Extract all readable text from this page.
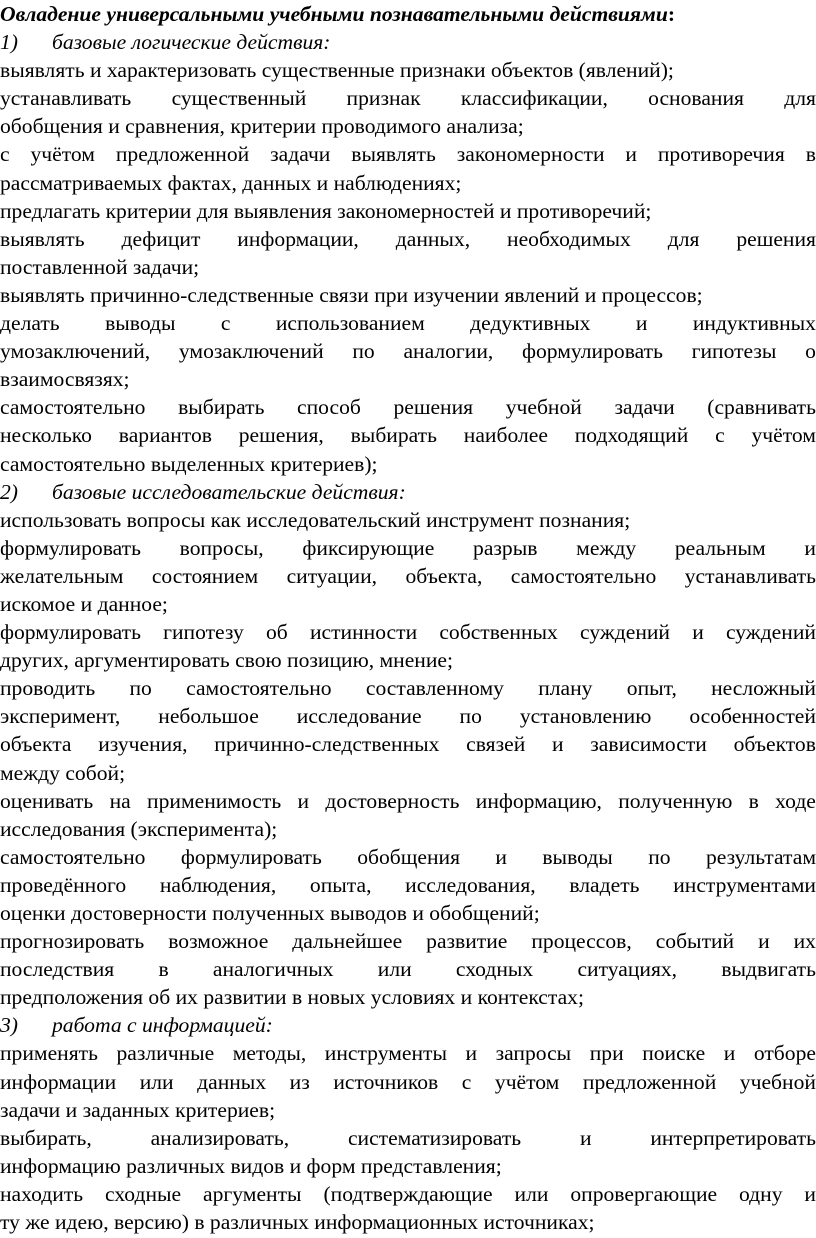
Овладение универсальными учебными познавательными действиями:
1) базовые логические действия:
выявлять и характеризовать существенные признаки объектов (явлений);
устанавливать существенный признак классификации, основания для
обобщения и сравнения, критерии проводимого анализа;
с учётом предложенной задачи выявлять закономерности и противоречия в
рассматриваемых фактах, данных и наблюдениях;
предлагать критерии для выявления закономерностей и противоречий;
выявлять дефицит информации, данных, необходимых для решения
поставленной задачи;
выявлять причинно-следственные связи при изучении явлений и процессов;
делать выводы с использованием дедуктивных и индуктивных
умозаключений, умозаключений по аналогии, формулировать гипотезы о
взаимосвязях;
самостоятельно выбирать способ решения учебной задачи (сравнивать
несколько вариантов решения, выбирать наиболее подходящий с учётом
самостоятельно выделенных критериев);
2) базовые исследовательские действия:
использовать вопросы как исследовательский инструмент познания;
формулировать вопросы, фиксирующие разрыв между реальным и
желательным состоянием ситуации, объекта, самостоятельно устанавливать
искомое и данное;
формулировать гипотезу об истинности собственных суждений и суждений
других, аргументировать свою позицию, мнение;
проводить по самостоятельно составленному плану опыт, несложный
эксперимент, небольшое исследование по установлению особенностей
объекта изучения, причинно-следственных связей и зависимости объектов
между собой;
оценивать на применимость и достоверность информацию, полученную в ходе
исследования (эксперимента);
самостоятельно формулировать обобщения и выводы по результатам
проведённого наблюдения, опыта, исследования, владеть инструментами
оценки достоверности полученных выводов и обобщений;
прогнозировать возможное дальнейшее развитие процессов, событий и их
последствия в аналогичных или сходных ситуациях, выдвигать
предположения об их развитии в новых условиях и контекстах;
3) работа с информацией:
применять различные методы, инструменты и запросы при поиске и отборе
информации или данных из источников с учётом предложенной учебной
задачи и заданных критериев;
выбирать,	анализировать,	систематизировать	и	интерпретировать
информацию различных видов и форм представления;
находить сходные аргументы (подтверждающие или опровергающие одну и
ту же идею, версию) в различных информационных источниках;
